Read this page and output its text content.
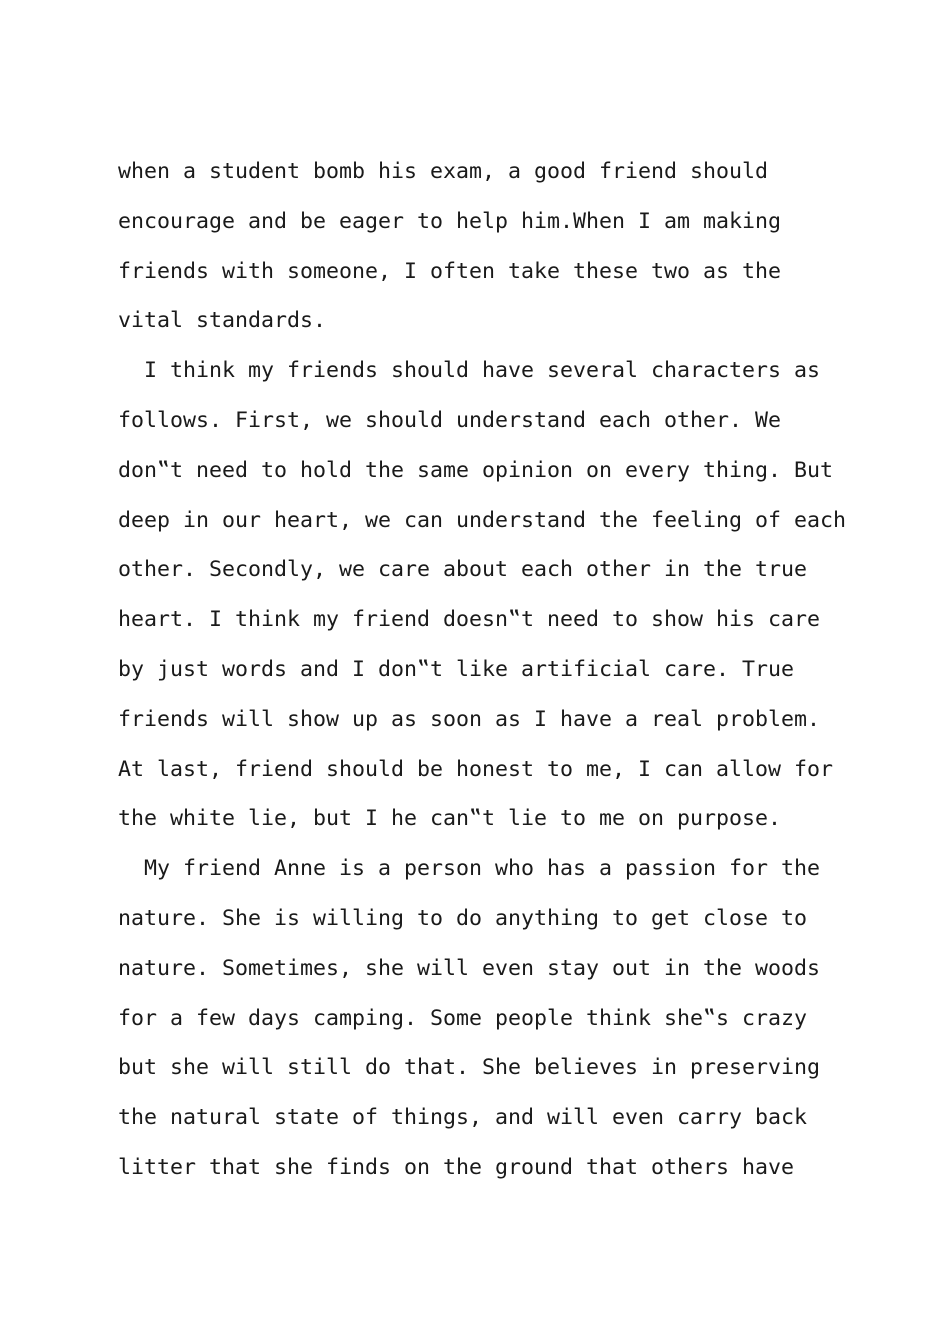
when a student bomb his exam, a good friend should
encourage and be eager to help him.When I am making
friends with someone, I often take these two as the
vital standards.
I think my friends should have several characters as
follows. First, we should understand each other. We
don‟t need to hold the same opinion on every thing. But
deep in our heart, we can understand the feeling of each
other. Secondly, we care about each other in the true
heart. I think my friend doesn‟t need to show his care
by just words and I don‟t like artificial care. True
friends will show up as soon as I have a real problem.
At last, friend should be honest to me, I can allow for
the white lie, but I he can‟t lie to me on purpose.
My friend Anne is a person who has a passion for the
nature. She is willing to do anything to get close to
nature. Sometimes, she will even stay out in the woods
for a few days camping. Some people think she‟s crazy
but she will still do that. She believes in preserving
the natural state of things, and will even carry back
litter that she finds on the ground that others have
